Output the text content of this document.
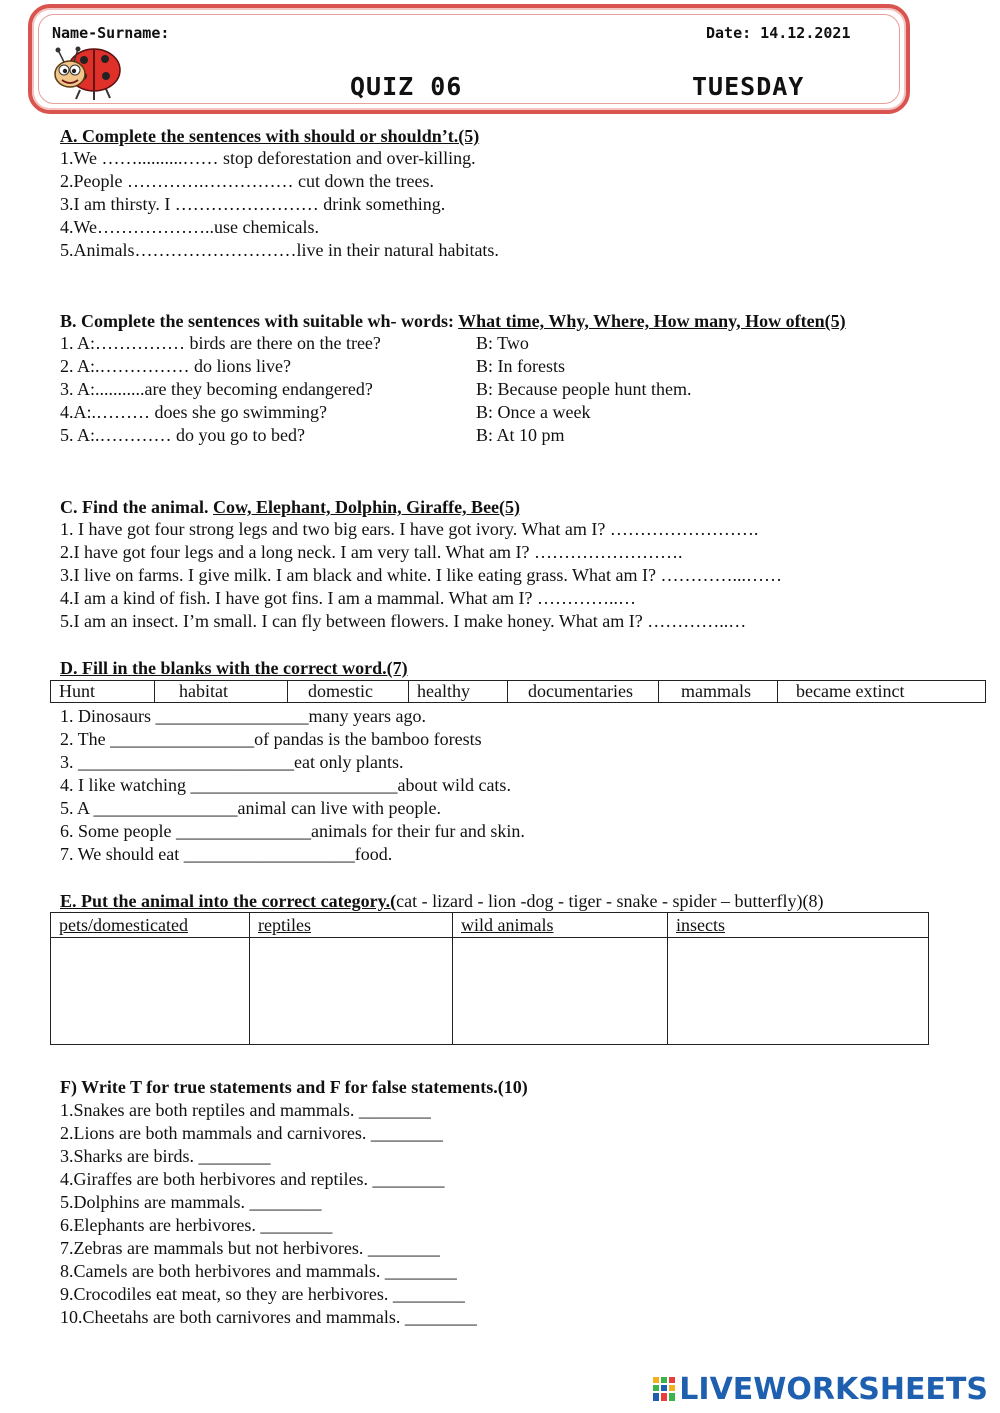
Name-Surname:	Date: 14.12.2021
QUIZ 06	TUESDAY
A. Complete the sentences with should or shouldn’t.(5)
1.We ……..........…… stop deforestation and over-killing.
2.People ………….…………… cut down the trees.
3.I am thirsty. I …………………… drink something.
4.We………………..use chemicals.
5.Animals………………………live in their natural habitats.
B. Complete the sentences with suitable wh- words: What time, Why, Where, How many, How often(5)
1. A:…………… birds are there on the tree?	B: Two
2. A:.…………… do lions live?	B: In forests
3. A:...........are they becoming endangered?	B: Because people hunt them.
4.A:.……… does she go swimming?	B: Once a week
5. A:.………… do you go to bed?	B: At 10 pm
C. Find the animal. Cow, Elephant, Dolphin, Giraffe, Bee(5)
1. I have got four strong legs and two big ears. I have got ivory. What am I? …………………….
2.I have got four legs and a long neck. I am very tall. What am I? …………………….
3.I live on farms. I give milk. I am black and white. I like eating grass. What am I? …………...……
4.I am a kind of fish. I have got fins. I am a mammal. What am I? …………..…
5.I am an insect. I’m small. I can fly between flowers. I make honey. What am I? …………..…
D. Fill in the blanks with the correct word.(7)
Hunt	habitat	domestic	healthy	documentaries	mammals	became extinct
1. Dinosaurs _________________many years ago.
2. The ________________of pandas is the bamboo forests
3. ________________________eat only plants.
4. I like watching _______________________about wild cats.
5. A ________________animal can live with people.
6. Some people _______________animals for their fur and skin.
7. We should eat ___________________food.
E. Put the animal into the correct category.(cat - lizard - lion -dog - tiger - snake - spider – butterfly)(8)
pets/domesticated	reptiles	wild animals	insects

F) Write T for true statements and F for false statements.(10)
1.Snakes are both reptiles and mammals. ________
2.Lions are both mammals and carnivores. ________
3.Sharks are birds. ________
4.Giraffes are both herbivores and reptiles. ________
5.Dolphins are mammals. ________
6.Elephants are herbivores. ________
7.Zebras are mammals but not herbivores. ________
8.Camels are both herbivores and mammals. ________
9.Crocodiles eat meat, so they are herbivores. ________
10.Cheetahs are both carnivores and mammals. ________
LIVEWORKSHEETS
